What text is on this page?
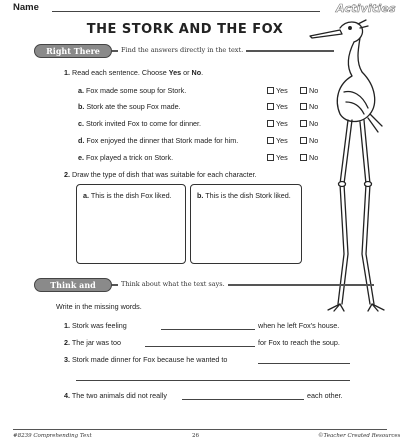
Name	Activities
THE STORK AND THE FOX
Right There	Find the answers directly in the text.
1. Read each sentence. Choose Yes or No.
a. Fox made some soup for Stork.	Yes	No
b. Stork ate the soup Fox made.	Yes	No
c. Stork invited Fox to come for dinner.	Yes	No
d. Fox enjoyed the dinner that Stork made for him.	Yes	No
e. Fox played a trick on Stork.	Yes	No
2. Draw the type of dish that was suitable for each character.
a. This is the dish Fox liked.	b. This is the dish Stork liked.
Think and Search
Think about what the text says.
Write in the missing words.
1. Stork was feeling	when he left Fox's house.
2. The jar was too	for Fox to reach the soup.
3. Stork made dinner for Fox because he wanted to
4. The two animals did not really	each other.
#8239 Comprehending Text	26	©Teacher Created Resources
